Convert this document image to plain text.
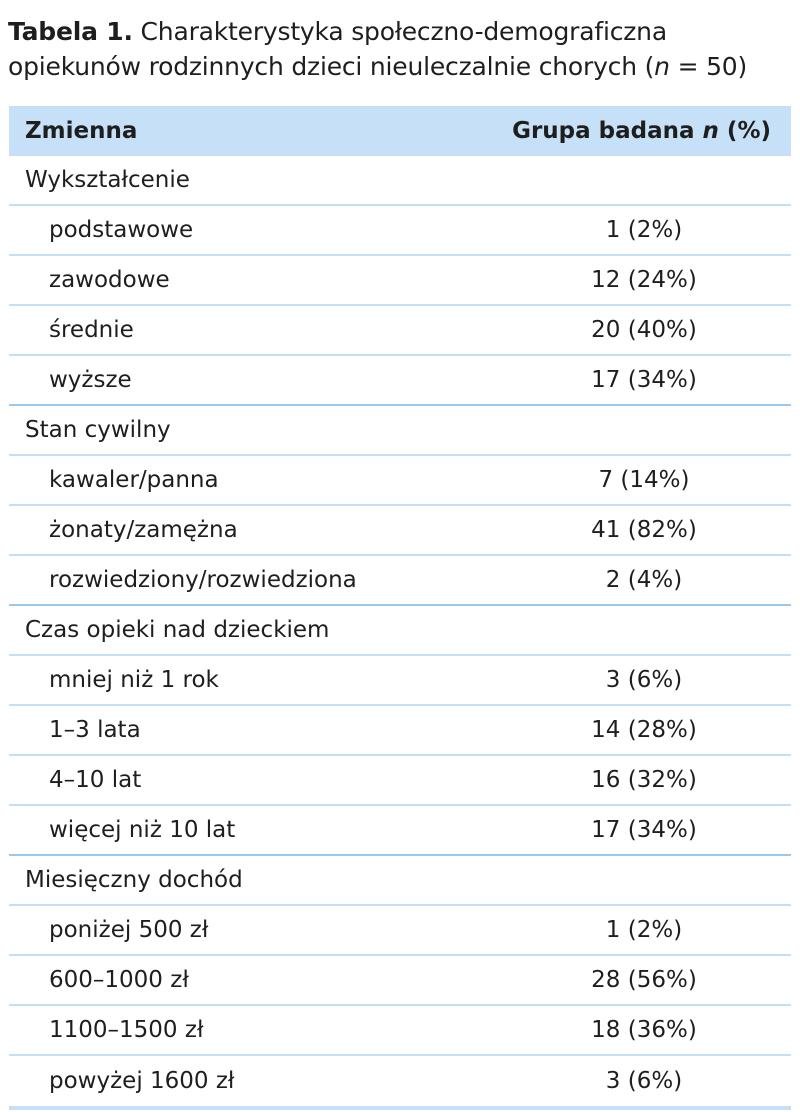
Tabela 1. Charakterystyka społeczno-demograficzna opiekunów rodzinnych dzieci nieuleczalnie chorych (n = 50)
Zmienna	Grupa badana n (%)
Wykształcenie
podstawowe	1 (2%)
zawodowe	12 (24%)
średnie	20 (40%)
wyższe	17 (34%)
Stan cywilny
kawaler/panna	7 (14%)
żonaty/zamężna	41 (82%)
rozwiedziony/rozwiedziona	2 (4%)
Czas opieki nad dzieckiem
mniej niż 1 rok	3 (6%)
1–3 lata	14 (28%)
4–10 lat	16 (32%)
więcej niż 10 lat	17 (34%)
Miesięczny dochód
poniżej 500 zł	1 (2%)
600–1000 zł	28 (56%)
1100–1500 zł	18 (36%)
powyżej 1600 zł	3 (6%)
